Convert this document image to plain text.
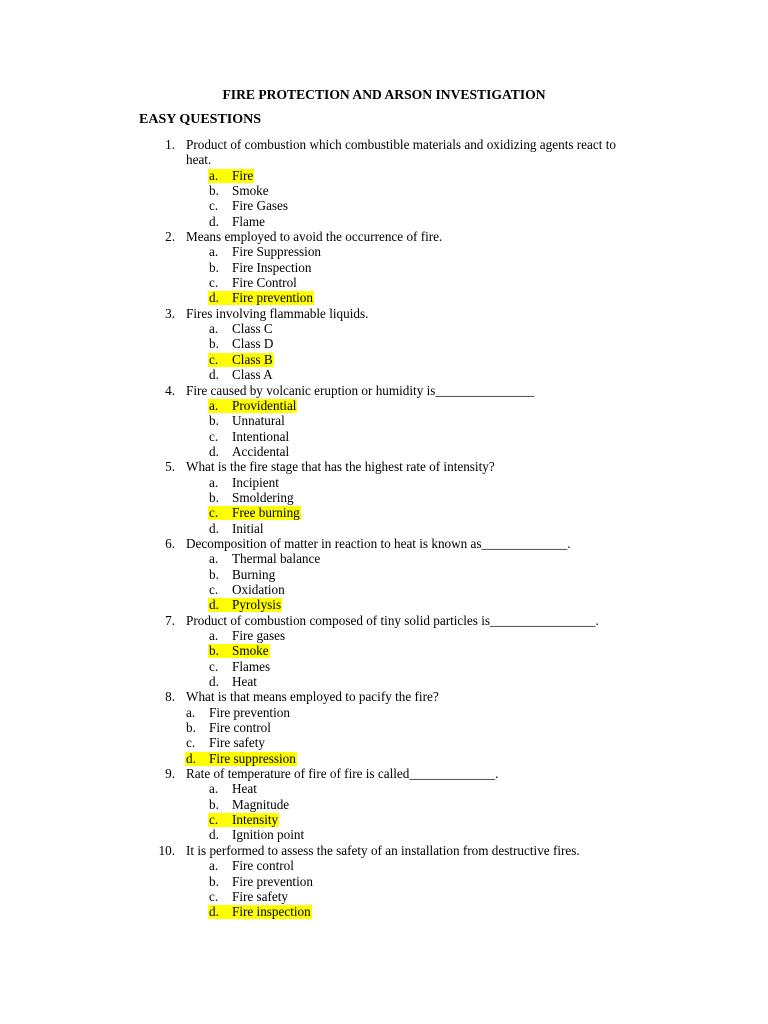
FIRE PROTECTION AND ARSON INVESTIGATION
EASY QUESTIONS
1. Product of combustion which combustible materials and oxidizing agents react to
heat.
a. Fire
b. Smoke
c. Fire Gases
d. Flame
2. Means employed to avoid the occurrence of fire.
a. Fire Suppression
b. Fire Inspection
c. Fire Control
d. Fire prevention
3. Fires involving flammable liquids.
a. Class C
b. Class D
c. Class B
d. Class A
4. Fire caused by volcanic eruption or humidity is_______________
a. Providential
b. Unnatural
c. Intentional
d. Accidental
5. What is the fire stage that has the highest rate of intensity?
a. Incipient
b. Smoldering
c. Free burning
d. Initial
6. Decomposition of matter in reaction to heat is known as_____________.
a. Thermal balance
b. Burning
c. Oxidation
d. Pyrolysis
7. Product of combustion composed of tiny solid particles is________________.
a. Fire gases
b. Smoke
c. Flames
d. Heat
8. What is that means employed to pacify the fire?
a. Fire prevention
b. Fire control
c. Fire safety
d. Fire suppression
9. Rate of temperature of fire of fire is called_____________.
a. Heat
b. Magnitude
c. Intensity
d. Ignition point
10. It is performed to assess the safety of an installation from destructive fires.
a. Fire control
b. Fire prevention
c. Fire safety
d. Fire inspection
